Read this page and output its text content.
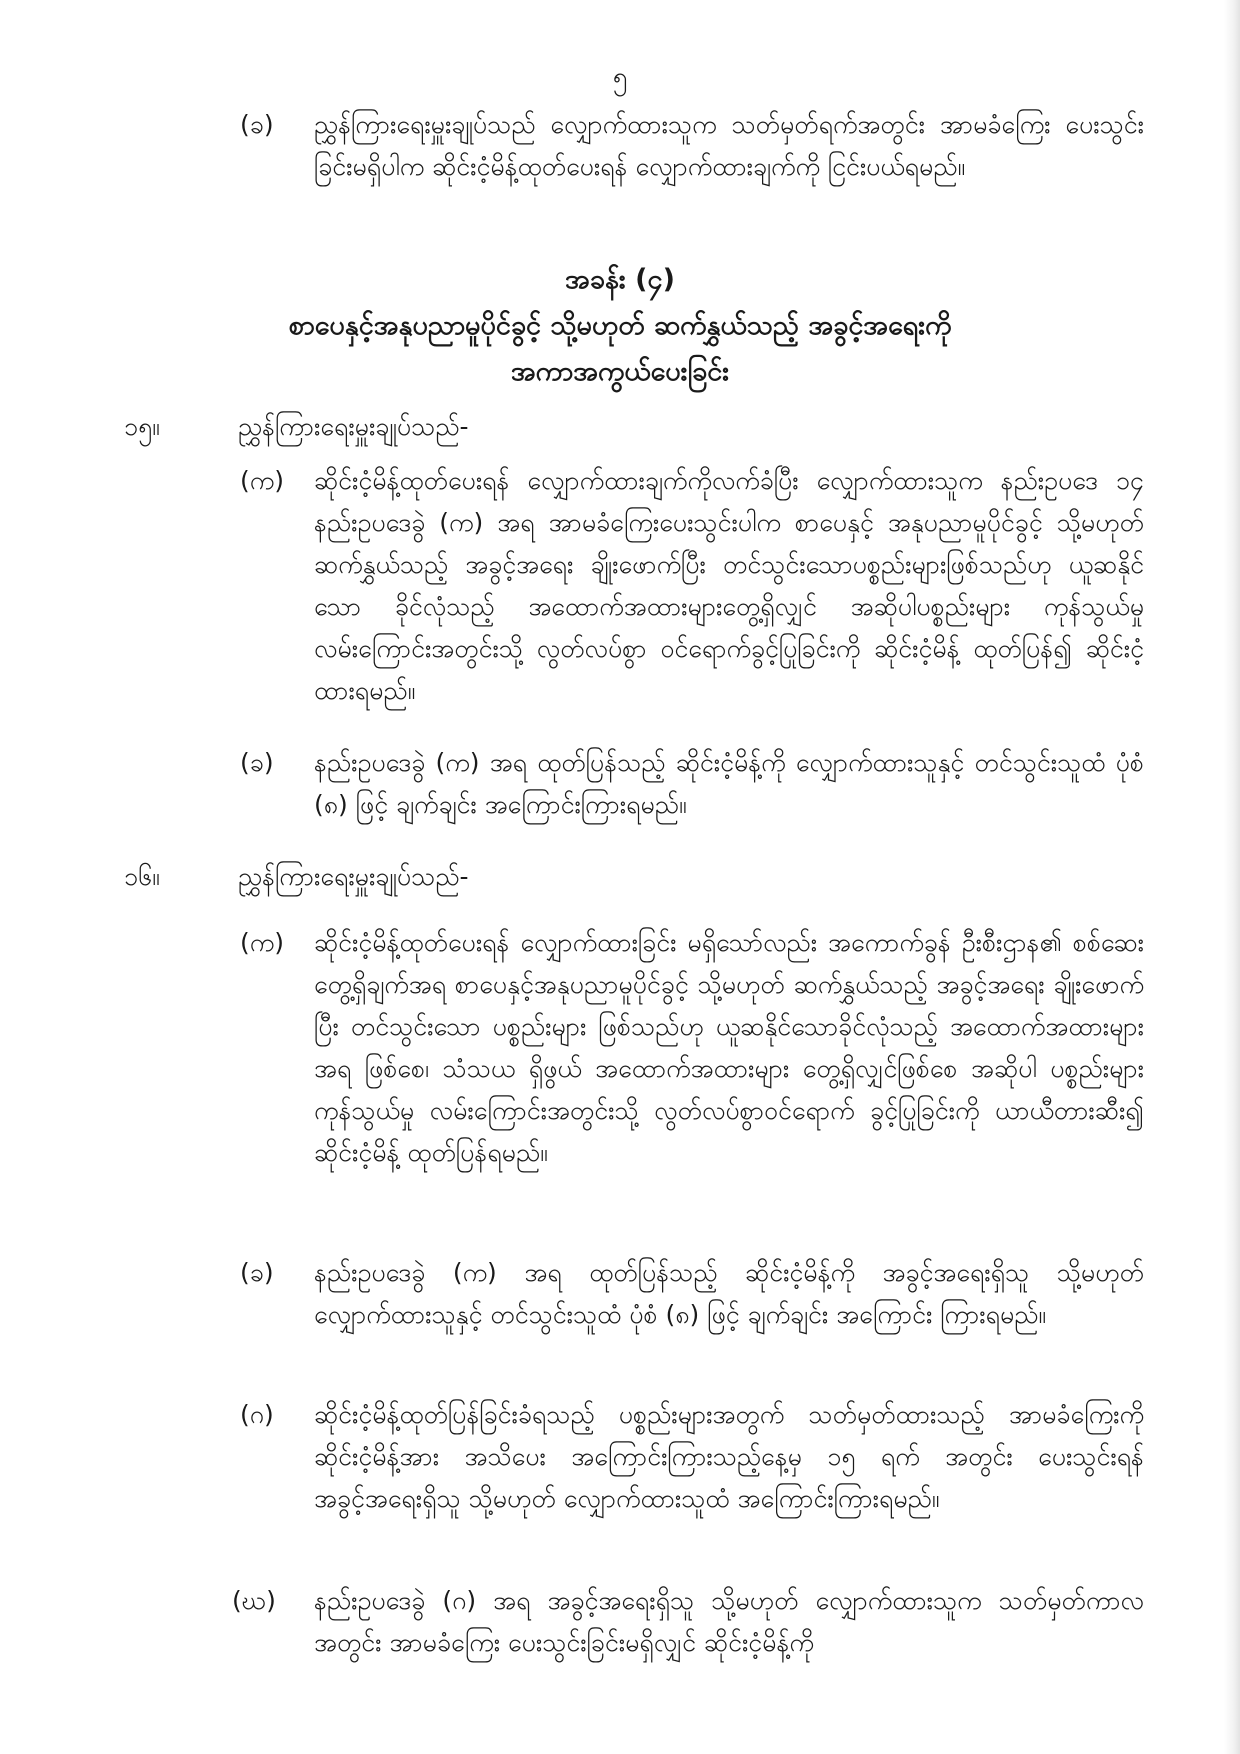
၅
(ခ) ညွှန်ကြားရေးမှူးချုပ်သည် လျှောက်ထားသူက သတ်မှတ်ရက်အတွင်း အာမခံကြေး ပေးသွင်းခြင်းမရှိပါက ဆိုင်းငံ့မိန့်ထုတ်ပေးရန် လျှောက်ထားချက်ကို ငြင်းပယ်ရမည်။
အခန်း (၄)
စာပေနှင့်အနုပညာမူပိုင်ခွင့် သို့မဟုတ် ဆက်နွှယ်သည့် အခွင့်အရေးကို
အကာအကွယ်ပေးခြင်း
၁၅။	ညွှန်ကြားရေးမှူးချုပ်သည်-
(က) ဆိုင်းငံ့မိန့်ထုတ်ပေးရန် လျှောက်ထားချက်ကိုလက်ခံပြီး လျှောက်ထားသူက နည်းဥပဒေ ၁၄ နည်းဥပဒေခွဲ (က) အရ အာမခံကြေးပေးသွင်းပါက စာပေနှင့် အနုပညာမူပိုင်ခွင့် သို့မဟုတ် ဆက်နွှယ်သည့် အခွင့်အရေး ချိုးဖောက်ပြီး တင်သွင်းသောပစ္စည်းများဖြစ်သည်ဟု ယူဆနိုင်သော ခိုင်လုံသည့် အထောက်အထားများတွေ့ရှိလျှင် အဆိုပါပစ္စည်းများ ကုန်သွယ်မှုလမ်းကြောင်းအတွင်းသို့ လွတ်လပ်စွာ ဝင်ရောက်ခွင့်ပြုခြင်းကို ဆိုင်းငံ့မိန့် ထုတ်ပြန်၍ ဆိုင်းငံ့ထားရမည်။
(ခ) နည်းဥပဒေခွဲ (က) အရ ထုတ်ပြန်သည့် ဆိုင်းငံ့မိန့်ကို လျှောက်ထားသူနှင့် တင်သွင်းသူထံ ပုံစံ (၈) ဖြင့် ချက်ချင်း အကြောင်းကြားရမည်။
၁၆။	ညွှန်ကြားရေးမှူးချုပ်သည်-
(က) ဆိုင်းငံ့မိန့်ထုတ်ပေးရန် လျှောက်ထားခြင်း မရှိသော်လည်း အကောက်ခွန် ဦးစီးဌာန၏ စစ်ဆေးတွေ့ရှိချက်အရ စာပေနှင့်အနုပညာမူပိုင်ခွင့် သို့မဟုတ် ဆက်နွှယ်သည့် အခွင့်အရေး ချိုးဖောက်ပြီး တင်သွင်းသော ပစ္စည်းများ ဖြစ်သည်ဟု ယူဆနိုင်သောခိုင်လုံသည့် အထောက်အထားများအရ ဖြစ်စေ၊ သံသယ ရှိဖွယ် အထောက်အထားများ တွေ့ရှိလျှင်ဖြစ်စေ အဆိုပါ ပစ္စည်းများ ကုန်သွယ်မှု လမ်းကြောင်းအတွင်းသို့ လွတ်လပ်စွာဝင်ရောက် ခွင့်ပြုခြင်းကို ယာယီတားဆီး၍ ဆိုင်းငံ့မိန့် ထုတ်ပြန်ရမည်။
(ခ) နည်းဥပဒေခွဲ (က) အရ ထုတ်ပြန်သည့် ဆိုင်းငံ့မိန့်ကို အခွင့်အရေးရှိသူ သို့မဟုတ် လျှောက်ထားသူနှင့် တင်သွင်းသူထံ ပုံစံ (၈) ဖြင့် ချက်ချင်း အကြောင်း ကြားရမည်။
(ဂ) ဆိုင်းငံ့မိန့်ထုတ်ပြန်ခြင်းခံရသည့် ပစ္စည်းများအတွက် သတ်မှတ်ထားသည့် အာမခံကြေးကို ဆိုင်းငံ့မိန့်အား အသိပေး အကြောင်းကြားသည့်နေ့မှ ၁၅ ရက် အတွင်း ပေးသွင်းရန် အခွင့်အရေးရှိသူ သို့မဟုတ် လျှောက်ထားသူထံ အကြောင်းကြားရမည်။
(ဃ) နည်းဥပဒေခွဲ (ဂ) အရ အခွင့်အရေးရှိသူ သို့မဟုတ် လျှောက်ထားသူက သတ်မှတ်ကာလအတွင်း အာမခံကြေး ပေးသွင်းခြင်းမရှိလျှင် ဆိုင်းငံ့မိန့်ကို
